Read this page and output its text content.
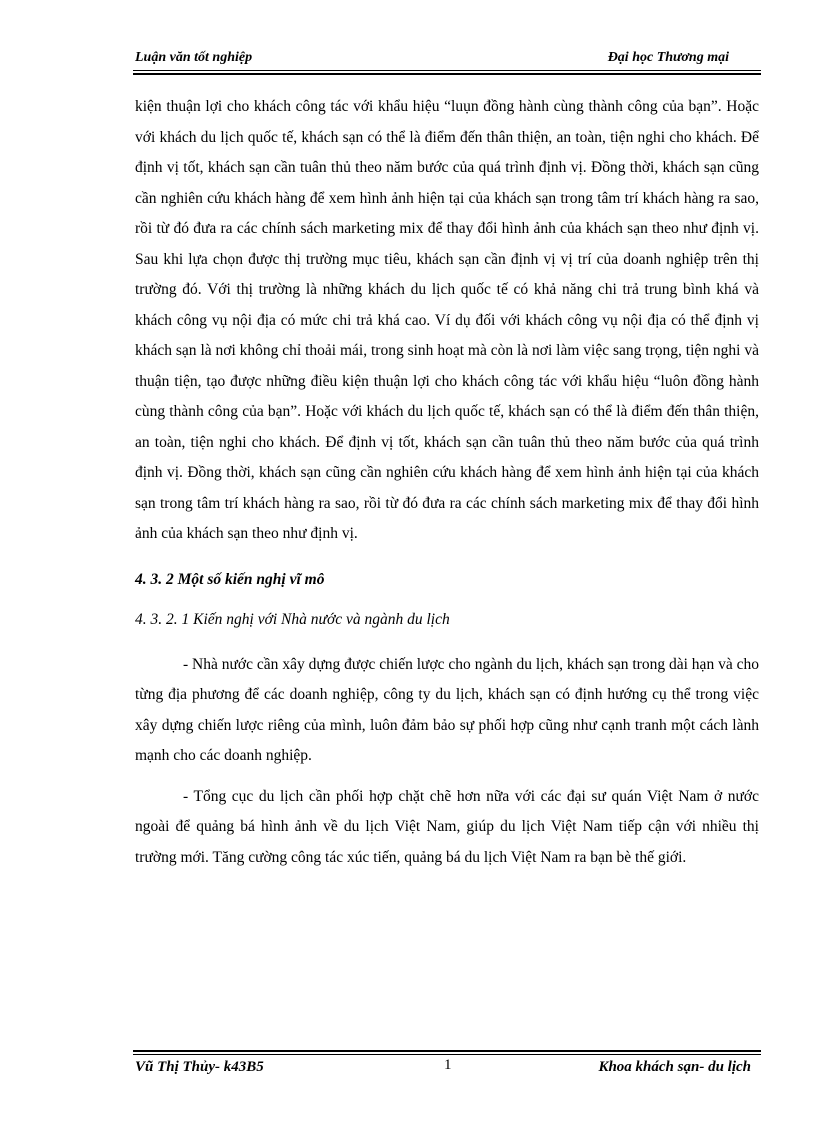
Luận văn tốt nghiệp	Đại học Thương mại

kiện thuận lợi cho khách công tác với khẩu hiệu “luụn đồng hành cùng thành công của bạn”. Hoặc với khách du lịch quốc tế, khách sạn có thể là điểm đến thân thiện, an toàn, tiện nghi cho khách. Để định vị tốt, khách sạn cần tuân thủ theo năm bước của quá trình định vị. Đồng thời, khách sạn cũng cần nghiên cứu khách hàng để xem hình ảnh hiện tại của khách sạn trong tâm trí khách hàng ra sao, rồi từ đó đưa ra các chính sách marketing mix để thay đổi hình ảnh của khách sạn theo như định vị. Sau khi lựa chọn được thị trường mục tiêu, khách sạn cần định vị vị trí của doanh nghiệp trên thị trường đó. Với thị trường là những khách du lịch quốc tế có khả năng chi trả trung bình khá và khách công vụ nội địa có mức chi trả khá cao. Ví dụ đối với khách công vụ nội địa có thể định vị khách sạn là nơi không chỉ thoải mái, trong sinh hoạt mà còn là nơi làm việc sang trọng, tiện nghi và thuận tiện, tạo được những điều kiện thuận lợi cho khách công tác với khẩu hiệu “luôn đồng hành cùng thành công của bạn”. Hoặc với khách du lịch quốc tế, khách sạn có thể là điểm đến thân thiện, an toàn, tiện nghi cho khách. Để định vị tốt, khách sạn cần tuân thủ theo năm bước của quá trình định vị. Đồng thời, khách sạn cũng cần nghiên cứu khách hàng để xem hình ảnh hiện tại của khách sạn trong tâm trí khách hàng ra sao, rồi từ đó đưa ra các chính sách marketing mix để thay đổi hình ảnh của khách sạn theo như định vị.

4. 3. 2 Một số kiến nghị vĩ mô

4. 3. 2. 1 Kiến nghị với Nhà nước và ngành du lịch

- Nhà nước cần xây dựng được chiến lược cho ngành du lịch, khách sạn trong dài hạn và cho từng địa phương để các doanh nghiệp, công ty du lịch, khách sạn có định hướng cụ thể trong việc xây dựng chiến lược riêng của mình, luôn đảm bảo sự phối hợp cũng như cạnh tranh một cách lành mạnh cho các doanh nghiệp.

- Tổng cục du lịch cần phối hợp chặt chẽ hơn nữa với các đại sư quán Việt Nam ở nước ngoài để quảng bá hình ảnh về du lịch Việt Nam, giúp du lịch Việt Nam tiếp cận với nhiều thị trường mới. Tăng cường công tác xúc tiến, quảng bá du lịch Việt Nam ra bạn bè thế giới.

Vũ Thị Thủy- k43B5	1	Khoa khách sạn- du lịch
